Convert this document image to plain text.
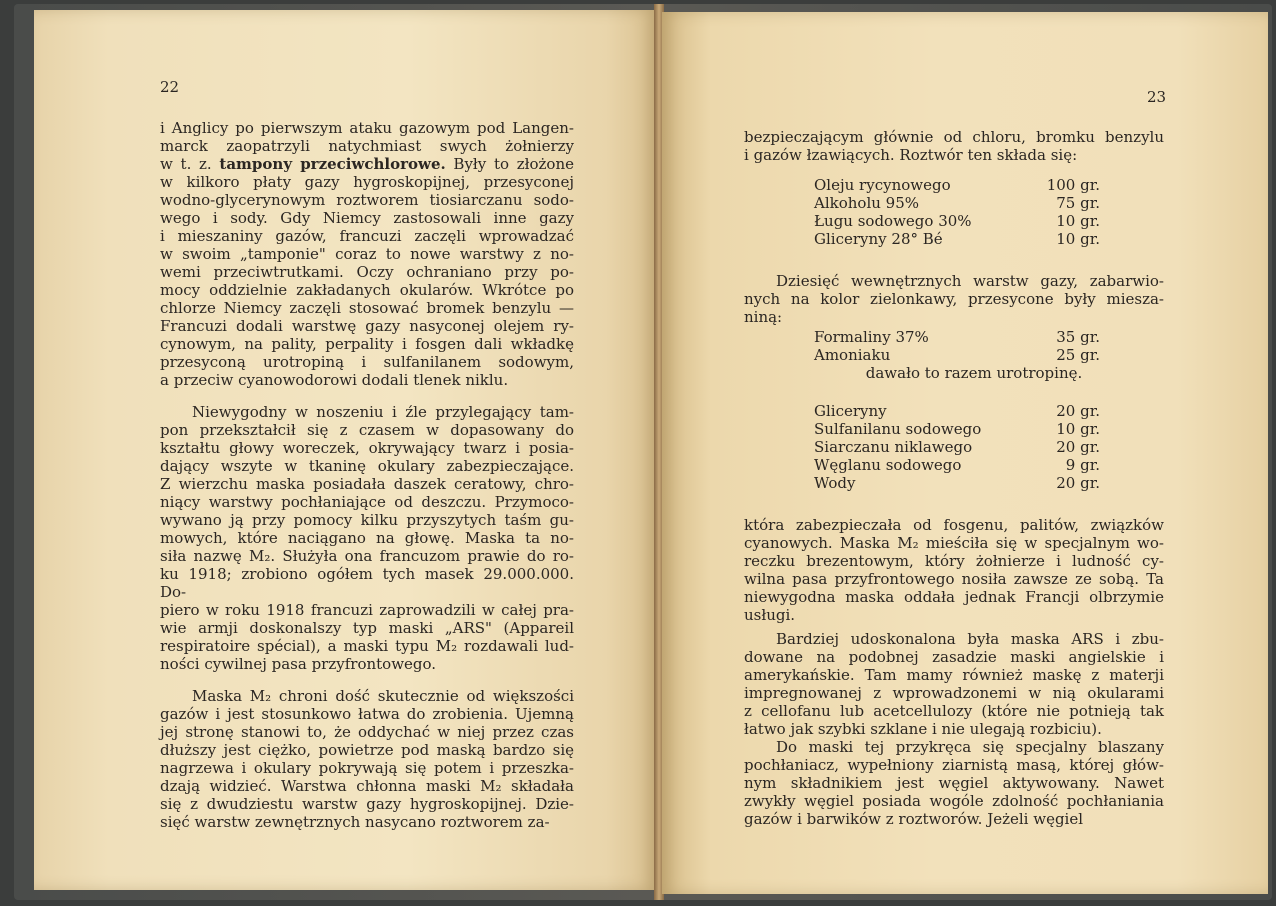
22
i Anglicy po pierwszym ataku gazowym pod Langen-
marck zaopatrzyli natychmiast swych żołnierzy
w t. z. tampony przeciwchlorowe. Były to złożone
w kilkoro płaty gazy hygroskopijnej, przesyconej
wodno-glycerynowym roztworem tiosiarczanu sodo-
wego i sody. Gdy Niemcy zastosowali inne gazy
i mieszaniny gazów, francuzi zaczęli wprowadzać
w swoim „tamponie" coraz to nowe warstwy z no-
wemi przeciwtrutkami. Oczy ochraniano przy po-
mocy oddzielnie zakładanych okularów. Wkrótce po
chlorze Niemcy zaczęli stosować bromek benzylu —
Francuzi dodali warstwę gazy nasyconej olejem ry-
cynowym, na pality, perpality i fosgen dali wkładkę
przesyconą urotropiną i sulfanilanem sodowym,
a przeciw cyanowodorowi dodali tlenek niklu.
Niewygodny w noszeniu i źle przylegający tam-
pon przekształcił się z czasem w dopasowany do
kształtu głowy woreczek, okrywający twarz i posia-
dający wszyte w tkaninę okulary zabezpieczające.
Z wierzchu maska posiadała daszek ceratowy, chro-
niący warstwy pochłaniające od deszczu. Przymoco-
wywano ją przy pomocy kilku przyszytych taśm gu-
mowych, które naciągano na głowę. Maska ta no-
siła nazwę M₂. Służyła ona francuzom prawie do ro-
ku 1918; zrobiono ogółem tych masek 29.000.000. Do-
piero w roku 1918 francuzi zaprowadzili w całej pra-
wie armji doskonalszy typ maski „ARS" (Appareil
respiratoire spécial), a maski typu M₂ rozdawali lud-
ności cywilnej pasa przyfrontowego.
Maska M₂ chroni dość skutecznie od większości
gazów i jest stosunkowo łatwa do zrobienia. Ujemną
jej stronę stanowi to, że oddychać w niej przez czas
dłuższy jest ciężko, powietrze pod maską bardzo się
nagrzewa i okulary pokrywają się potem i przeszka-
dzają widzieć. Warstwa chłonna maski M₂ składała
się z dwudziestu warstw gazy hygroskopijnej. Dzie-
sięć warstw zewnętrznych nasycano roztworem za-
23
bezpieczającym głównie od chloru, bromku benzylu
i gazów łzawiących. Roztwór ten składa się:
Oleju rycynowego	100 gr.
Alkoholu 95%	75 gr.
Ługu sodowego 30%	10 gr.
Gliceryny 28° Bé	10 gr.
Dziesięć wewnętrznych warstw gazy, zabarwio-
nych na kolor zielonkawy, przesycone były mieszа-
niną:
Formaliny 37%	35 gr.
Amoniaku	25 gr.
dawało to razem urotropinę.
Gliceryny	20 gr.
Sulfanilanu sodowego	10 gr.
Siarczanu niklawego	20 gr.
Węglanu sodowego	9 gr.
Wody	20 gr.
która zabezpieczała od fosgenu, palitów, związków
cyanowych. Maska M₂ mieściła się w specjalnym wo-
reczku brezentowym, który żołnierze i ludność cy-
wilna pasa przyfrontowego nosiła zawsze ze sobą. Ta
niewygodna maska oddała jednak Francji olbrzymie
usługi.
Bardziej udoskonalona była maska ARS i zbu-
dowane na podobnej zasadzie maski angielskie i
amerykańskie. Tam mamy również maskę z materji
impregnowanej z wprowadzonemi w nią okularami
z cellofanu lub acetcellulozy (które nie potnieją tak
łatwo jak szybki szklane i nie ulegają rozbiciu).
Do maski tej przykręca się specjalny blaszany
pochłaniacz, wypełniony ziarnistą masą, której głów-
nym składnikiem jest węgiel aktywowany. Nawet
zwykły węgiel posiada wogóle zdolność pochłaniania
gazów i barwików z roztworów. Jeżeli węgiel
